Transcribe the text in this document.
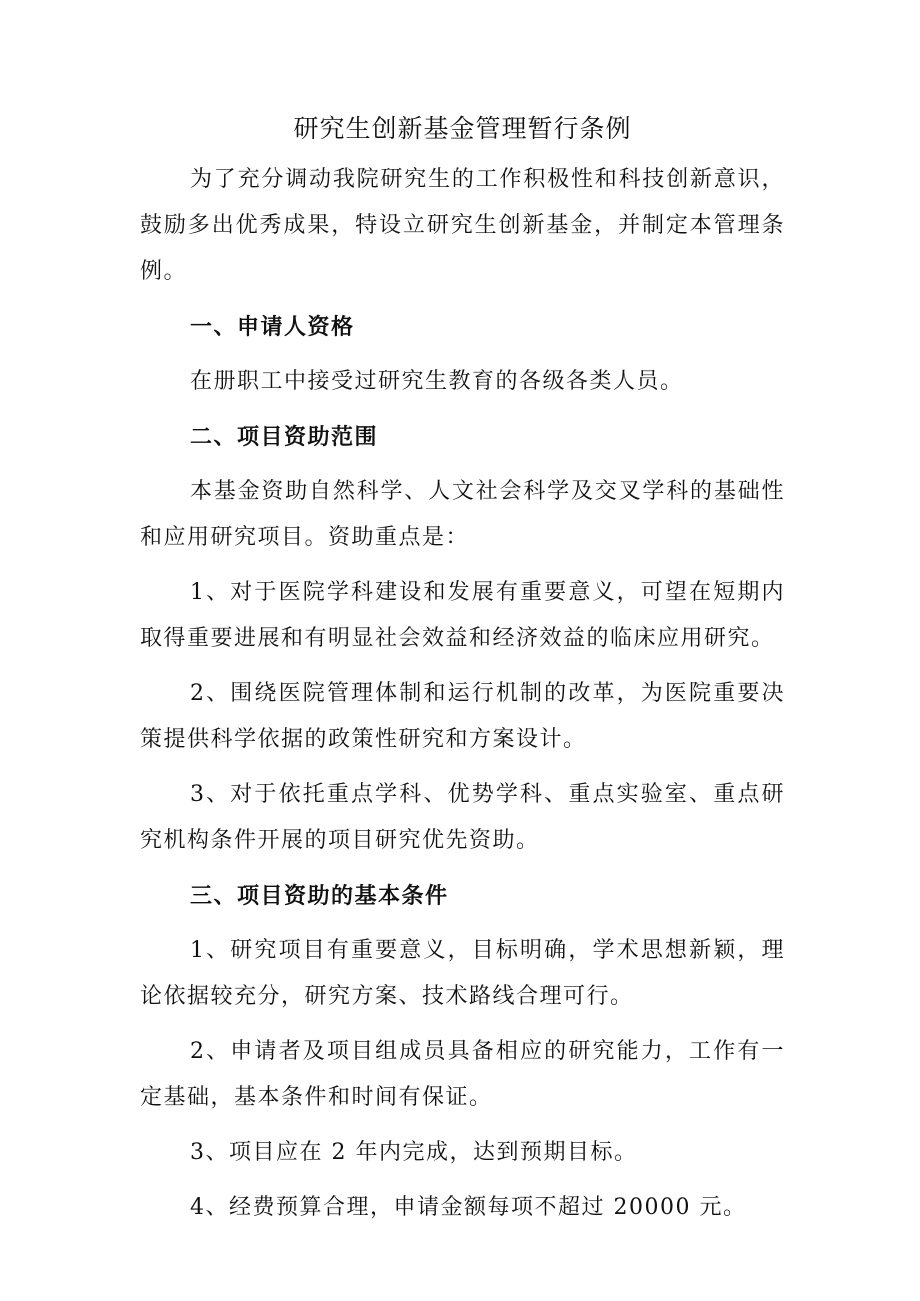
研究生创新基金管理暂行条例

为了充分调动我院研究生的工作积极性和科技创新意识，鼓励多出优秀成果，特设立研究生创新基金，并制定本管理条例。

一、申请人资格

在册职工中接受过研究生教育的各级各类人员。

二、项目资助范围

本基金资助自然科学、人文社会科学及交叉学科的基础性和应用研究项目。资助重点是：

1、对于医院学科建设和发展有重要意义，可望在短期内取得重要进展和有明显社会效益和经济效益的临床应用研究。

2、围绕医院管理体制和运行机制的改革，为医院重要决策提供科学依据的政策性研究和方案设计。

3、对于依托重点学科、优势学科、重点实验室、重点研究机构条件开展的项目研究优先资助。

三、项目资助的基本条件

1、研究项目有重要意义，目标明确，学术思想新颖，理论依据较充分，研究方案、技术路线合理可行。

2、申请者及项目组成员具备相应的研究能力，工作有一定基础，基本条件和时间有保证。

3、项目应在 2 年内完成，达到预期目标。

4、经费预算合理，申请金额每项不超过 20000 元。
